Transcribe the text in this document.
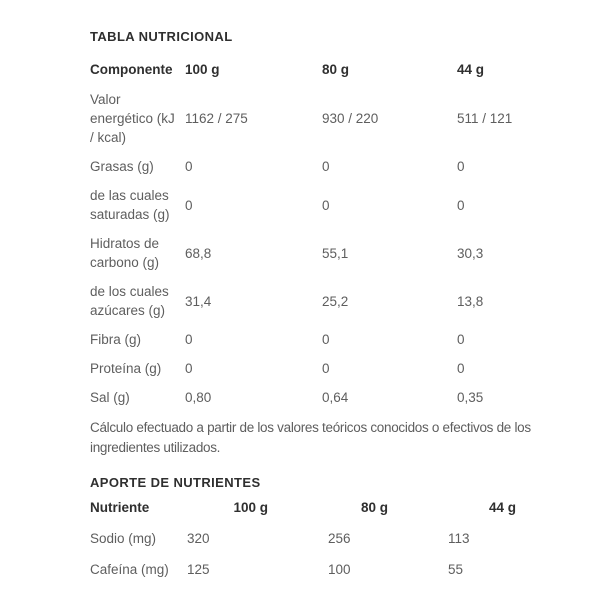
TABLA NUTRICIONAL
Componente	100 g	80 g	44 g
Valor energético (kJ / kcal)	1162 / 275	930 / 220	511 / 121
Grasas (g)	0	0	0
de las cuales saturadas (g)	0	0	0
Hidratos de carbono (g)	68,8	55,1	30,3
de los cuales azúcares (g)	31,4	25,2	13,8
Fibra (g)	0	0	0
Proteína (g)	0	0	0
Sal (g)	0,80	0,64	0,35

Cálculo efectuado a partir de los valores teóricos conocidos o efectivos de los
ingredientes utilizados.

APORTE DE NUTRIENTES
Nutriente	100 g	80 g	44 g
Sodio (mg)	320	256	113
Cafeína (mg)	125	100	55
